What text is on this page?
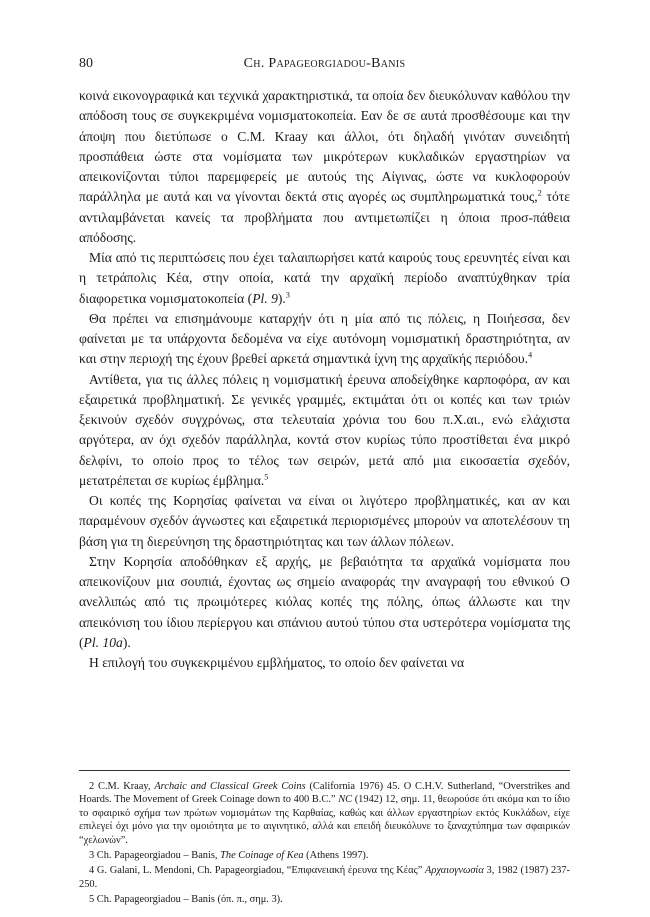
80	Ch. Papageorgiadou-Banis

κοινά εικονογραφικά και τεχνικά χαρακτηριστικά, τα οποία δεν διευκόλυναν καθόλου την απόδοση τους σε συγκεκριμένα νομισματοκοπεία. Εαν δε σε αυτά προσθέσουμε και την άποψη που διετύπωσε ο C.M. Kraay και άλλοι, ότι δηλαδή γινόταν συνειδητή προσπάθεια ώστε στα νομίσματα των μικρότερων κυκλαδικών εργαστηρίων να απεικονίζονται τύποι παρεμφερείς με αυτούς της Αίγινας, ώστε να κυκλοφορούν παράλληλα με αυτά και να γίνονται δεκτά στις αγορές ως συμπληρωματικά τους,$^2$ τότε αντιλαμβάνεται κανείς τα προβλήματα που αντιμετωπίζει η όποια προσ-πάθεια απόδοσης.

Μία από τις περιπτώσεις που έχει ταλαιπωρήσει κατά καιρούς τους ερευνητές είναι και η τετράπολις Κέα, στην οποία, κατά την αρχαϊκή περίοδο αναπτύχθηκαν τρία διαφορετικα νομισματοκοπεία (Pl. 9).$^3$

Θα πρέπει να επισημάνουμε καταρχήν ότι η μία από τις πόλεις, η Ποιήεσσα, δεν φαίνεται με τα υπάρχοντα δεδομένα να είχε αυτόνομη νομισματική δραστηριότητα, αν και στην περιοχή της έχουν βρεθεί αρκετά σημαντικά ίχνη της αρχαϊκής περιόδου.$^4$

Αντίθετα, για τις άλλες πόλεις η νομισματική έρευνα αποδείχθηκε καρποφόρα, αν και εξαιρετικά προβληματική. Σε γενικές γραμμές, εκτιμάται ότι οι κοπές και των τριών ξεκινούν σχεδόν συγχρόνως, στα τελευταία χρόνια του 6ου π.Χ.αι., ενώ ελάχιστα αργότερα, αν όχι σχεδόν παράλληλα, κοντά στον κυρίως τύπο προστίθεται ένα μικρό δελφίνι, το οποίο προς το τέλος των σειρών, μετά από μια εικοσαετία σχεδόν, μετατρέπεται σε κυρίως έμβλημα.$^5$

Οι κοπές της Κορησίας φαίνεται να είναι οι λιγότερο προβληματικές, και αν και παραμένουν σχεδόν άγνωστες και εξαιρετικά περιορισμένες μπορούν να αποτελέσουν τη βάση για τη διερεύνηση της δραστηριότητας και των άλλων πόλεων.

Στην Κορησία αποδόθηκαν εξ αρχής, με βεβαιότητα τα αρχαϊκά νομίσματα που απεικονίζουν μια σουπιά, έχοντας ως σημείο αναφοράς την αναγραφή του εθνικού Ο ανελλιπώς από τις πρωιμότερες κιόλας κοπές της πόλης, όπως άλλωστε και την απεικόνιση του ίδιου περίεργου και σπάνιου αυτού τύπου στα υστερότερα νομίσματα της (Pl. 10a).

Η επιλογή του συγκεκριμένου εμβλήματος, το οποίο δεν φαίνεται να

2 C.M. Kraay, Archaic and Classical Greek Coins (California 1976) 45. O C.H.V. Sutherland, “Overstrikes and Hoards. The Movement of Greek Coinage down to 400 B.C.” NC (1942) 12, σημ. 11, θεωρούσε ότι ακόμα και το ίδιο το σφαιρικό σχήμα των πρώτων νομισμάτων της Καρθαίας, καθώς και άλλων εργαστηρίων εκτός Κυκλάδων, είχε επιλεγεί όχι μόνο για την ομοιότητα με το αιγινητικό, αλλά και επειδή διευκόλυνε το ξαναχτύπημα των σφαιρικών “χελωνών”.

3 Ch. Papageorgiadou – Banis, The Coinage of Kea (Athens 1997).

4 G. Galani, L. Mendoni, Ch. Papageorgiadou, “Επιφανειακή έρευνα της Κέας” Αρχαιογνωσία 3, 1982 (1987) 237-250.

5 Ch. Papageorgiadou – Banis (όπ. π., σημ. 3).
